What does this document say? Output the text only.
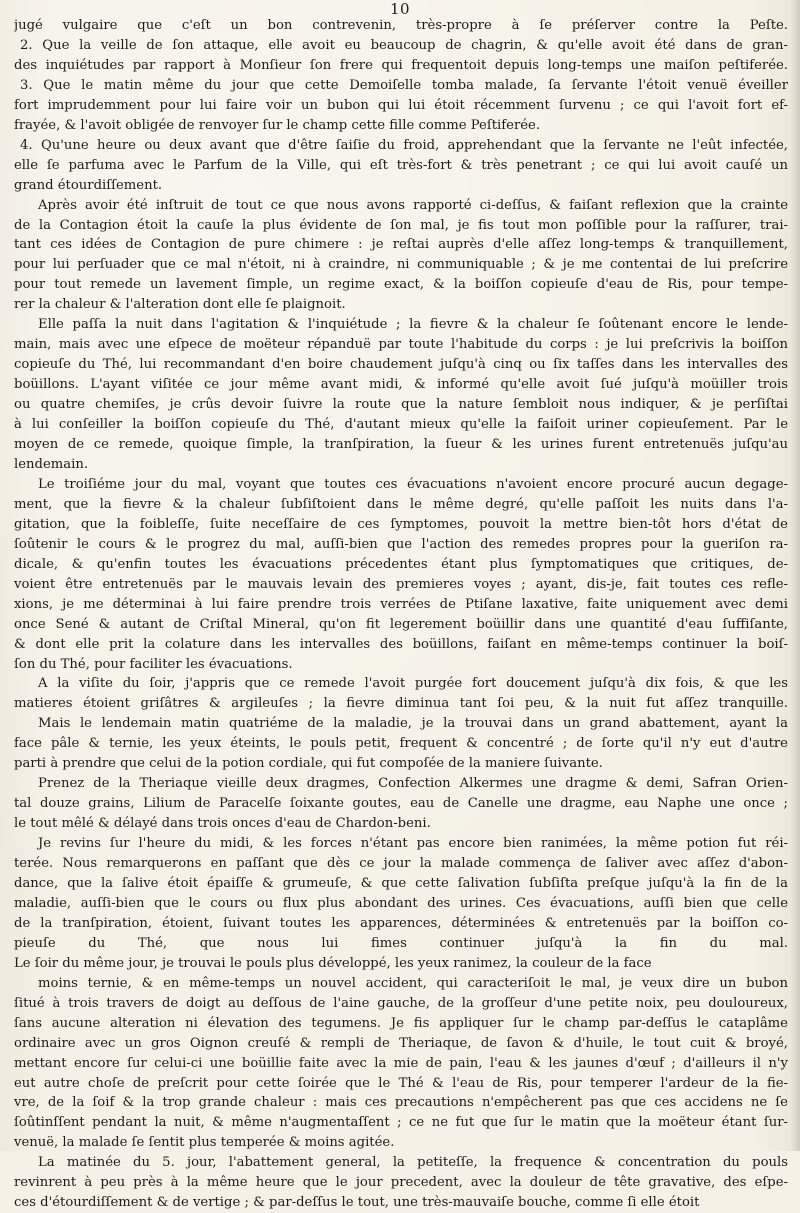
10
jugé vulgaire que c'eſt un bon contrevenin, très-propre à ſe préſerver contre la Peſte.
2. Que la veille de ſon attaque, elle avoit eu beaucoup de chagrin, & qu'elle avoit été dans de gran-
des inquiétudes par rapport à Monſieur ſon frere qui frequentoit depuis long-temps une maiſon peſtiferée.
3. Que le matin même du jour que cette Demoiſelle tomba malade, ſa ſervante l'étoit venuë éveiller
fort imprudemment pour lui faire voir un bubon qui lui étoit récemment ſurvenu ; ce qui l'avoit fort ef-
frayée, & l'avoit obligée de renvoyer ſur le champ cette fille comme Peſtiferée.
4. Qu'une heure ou deux avant que d'être ſaiſie du froid, apprehendant que la ſervante ne l'eût infectée,
elle ſe parfuma avec le Parfum de la Ville, qui eſt très-fort & très penetrant ; ce qui lui avoit cauſé un
grand étourdiſſement.
Après avoir été inſtruit de tout ce que nous avons rapporté ci-deſſus, & faiſant reflexion que la crainte
de la Contagion étoit la cauſe la plus évidente de ſon mal, je fis tout mon poſſible pour la raſſurer, trai-
tant ces idées de Contagion de pure chimere : je reſtai auprès d'elle aſſez long-temps & tranquillement,
pour lui perſuader que ce mal n'étoit, ni à craindre, ni communiquable ; & je me contentai de lui preſcrire
pour tout remede un lavement ſimple, un regime exact, & la boiſſon copieuſe d'eau de Ris, pour tempe-
rer la chaleur & l'alteration dont elle ſe plaignoit.
Elle paſſa la nuit dans l'agitation & l'inquiétude ; la fievre & la chaleur ſe ſoûtenant encore le lende-
main, mais avec une eſpece de moëteur répanduë par toute l'habitude du corps : je lui preſcrivis la boiſſon
copieuſe du Thé, lui recommandant d'en boire chaudement juſqu'à cinq ou ſix taſſes dans les intervalles des
boüillons. L'ayant viſitée ce jour même avant midi, & informé qu'elle avoit ſué juſqu'à moüiller trois
ou quatre chemiſes, je crûs devoir ſuivre la route que la nature ſembloit nous indiquer, & je perſiſtai
à lui conſeiller la boiſſon copieuſe du Thé, d'autant mieux qu'elle la faiſoit uriner copieuſement. Par le
moyen de ce remede, quoique ſimple, la tranſpiration, la ſueur & les urines furent entretenuës juſqu'au
lendemain.
Le troiſiéme jour du mal, voyant que toutes ces évacuations n'avoient encore procuré aucun degage-
ment, que la fievre & la chaleur ſubſiſtoient dans le même degré, qu'elle paſſoit les nuits dans l'a-
gitation, que la foibleſſe, ſuite neceſſaire de ces ſymptomes, pouvoit la mettre bien-tôt hors d'état de
ſoûtenir le cours & le progrez du mal, auſſi-bien que l'action des remedes propres pour la gueriſon ra-
dicale, & qu'enfin toutes les évacuations précedentes étant plus ſymptomatiques que critiques, de-
voient être entretenuës par le mauvais levain des premieres voyes ; ayant, dis-je, fait toutes ces refle-
xions, je me déterminai à lui faire prendre trois verrées de Ptiſane laxative, faite uniquement avec demi
once Sené & autant de Criſtal Mineral, qu'on fit legerement boüillir dans une quantité d'eau ſuffiſante,
& dont elle prit la colature dans les intervalles des boüillons, faiſant en même-temps continuer la boiſ-
ſon du Thé, pour faciliter les évacuations.
A la viſite du ſoir, j'appris que ce remede l'avoit purgée fort doucement juſqu'à dix fois, & que les
matieres étoient griſâtres & argileuſes ; la fievre diminua tant ſoi peu, & la nuit fut aſſez tranquille.
Mais le lendemain matin quatriéme de la maladie, je la trouvai dans un grand abattement, ayant la
face pâle & ternie, les yeux éteints, le pouls petit, frequent & concentré ; de ſorte qu'il n'y eut d'autre
parti à prendre que celui de la potion cordiale, qui fut compoſée de la maniere ſuivante.
Prenez de la Theriaque vieille deux dragmes, Confection Alkermes une dragme & demi, Safran Orien-
tal douze grains, Lilium de Paracelſe ſoixante goutes, eau de Canelle une dragme, eau Naphe une once ;
le tout mêlé & délayé dans trois onces d'eau de Chardon-beni.
Je revins ſur l'heure du midi, & les forces n'étant pas encore bien ranimées, la même potion fut réi-
terée. Nous remarquerons en paſſant que dès ce jour la malade commença de ſaliver avec aſſez d'abon-
dance, que la ſalive étoit épaiſſe & grumeuſe, & que cette ſalivation ſubſiſta preſque juſqu'à la fin de la
maladie, auſſi-bien que le cours ou flux plus abondant des urines. Ces évacuations, auſſi bien que celle
de la tranſpiration, étoient, ſuivant toutes les apparences, déterminées & entretenuës par la boiſſon co-
pieuſe du Thé, que nous lui fimes continuer juſqu'à la fin du mal.
Le ſoir du même jour, je trouvai le pouls plus développé, les yeux ranimez, la couleur de la face
moins ternie, & en même-temps un nouvel accident, qui caracteriſoit le mal, je veux dire un bubon
ſitué à trois travers de doigt au deſſous de l'aine gauche, de la groſſeur d'une petite noix, peu douloureux,
ſans aucune alteration ni élevation des tegumens. Je fis appliquer ſur le champ par-deſſus le cataplâme
ordinaire avec un gros Oignon creuſé & rempli de Theriaque, de ſavon & d'huile, le tout cuit & broyé,
mettant encore ſur celui-ci une boüillie faite avec la mie de pain, l'eau & les jaunes d'œuf ; d'ailleurs il n'y
eut autre choſe de preſcrit pour cette ſoirée que le Thé & l'eau de Ris, pour temperer l'ardeur de la fie-
vre, de la ſoif & la trop grande chaleur : mais ces precautions n'empêcherent pas que ces accidens ne ſe
ſoûtinſſent pendant la nuit, & même n'augmentaſſent ; ce ne fut que ſur le matin que la moëteur étant ſur-
venuë, la malade ſe ſentit plus temperée & moins agitée.
La matinée du 5. jour, l'abattement general, la petiteſſe, la frequence & concentration du pouls
revinrent à peu près à la même heure que le jour precedent, avec la douleur de tête gravative, des eſpe-
ces d'étourdiſſement & de vertige ; & par-deſſus le tout, une très-mauvaiſe bouche, comme ſi elle étoit
